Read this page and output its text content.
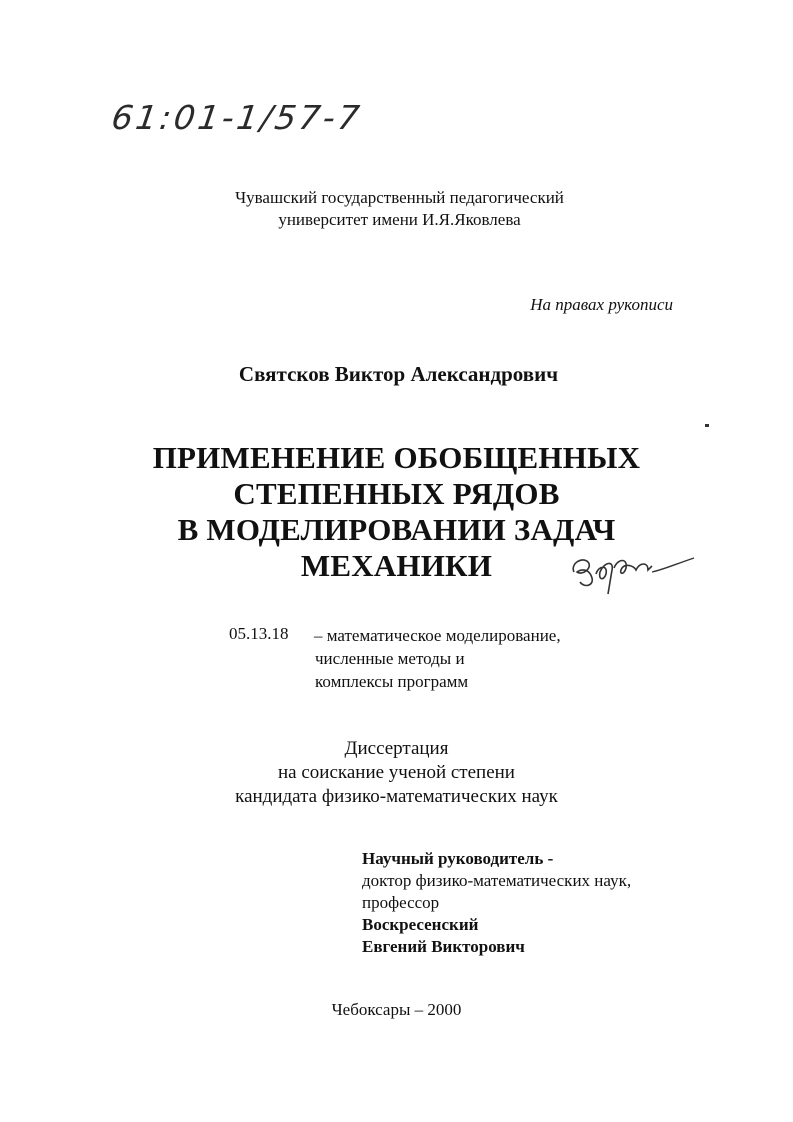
61:01-1/57-7
Чувашский государственный педагогический
университет имени И.Я.Яковлева
На правах рукописи
Святсков Виктор Александрович
ПРИМЕНЕНИЕ ОБОБЩЕННЫХ
СТЕПЕННЫХ РЯДОВ
В МОДЕЛИРОВАНИИ ЗАДАЧ
МЕХАНИКИ
05.13.18 – математическое моделирование,
численные методы и
комплексы программ
Диссертация
на соискание ученой степени
кандидата физико-математических наук
Научный руководитель -
доктор физико-математических наук,
профессор
Воскресенский
Евгений Викторович
Чебоксары – 2000
